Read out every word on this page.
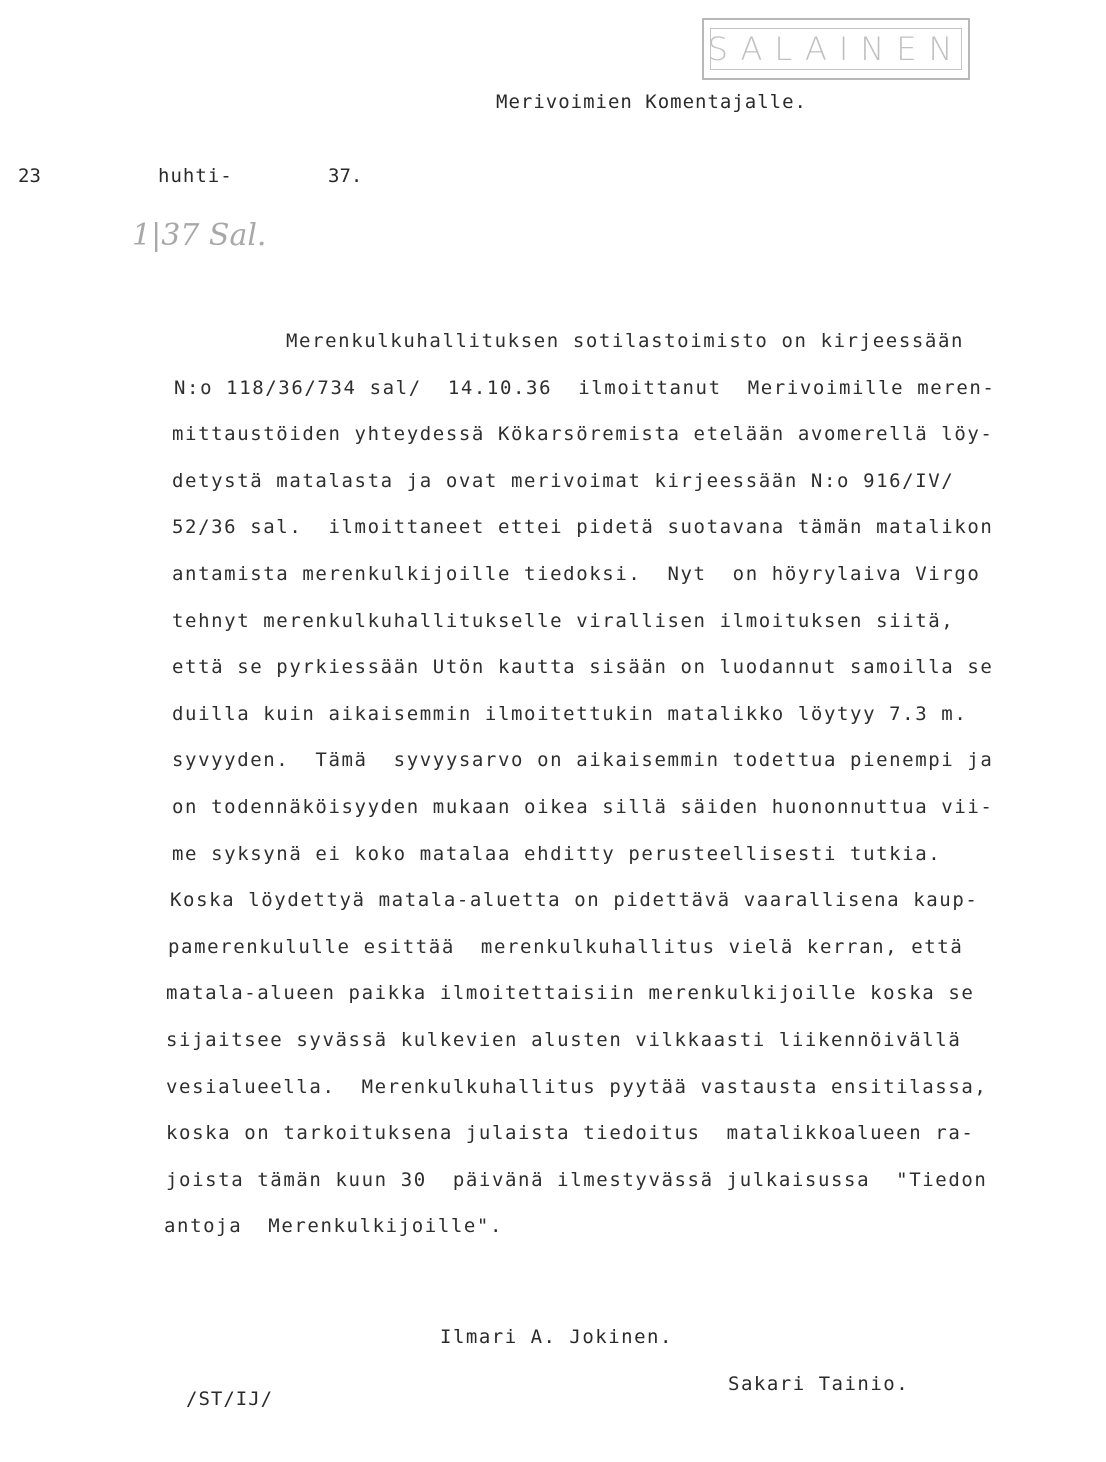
SALAINEN
Merivoimien Komentajalle.
23	huhti-	37.
1|37 Sal.
Merenkulkuhallituksen sotilastoimisto on kirjeessään
N:o 118/36/734 sal/  14.10.36  ilmoittanut  Merivoimille meren-
mittaustöiden yhteydessä Kökarsöremista etelään avomerellä löy-
detystä matalasta ja ovat merivoimat kirjeessään N:o 916/IV/
52/36 sal.  ilmoittaneet ettei pidetä suotavana tämän matalikon
antamista merenkulkijoille tiedoksi.  Nyt  on höyrylaiva Virgo
tehnyt merenkulkuhallitukselle virallisen ilmoituksen siitä,
että se pyrkiessään Utön kautta sisään on luodannut samoilla se
duilla kuin aikaisemmin ilmoitettukin matalikko löytyy 7.3 m.
syvyyden.  Tämä  syvyysarvo on aikaisemmin todettua pienempi ja
on todennäköisyyden mukaan oikea sillä säiden huononnuttua vii-
me syksynä ei koko matalaa ehditty perusteellisesti tutkia.
Koska löydettyä matala-aluetta on pidettävä vaarallisena kaup-
pamerenkululle esittää  merenkulkuhallitus vielä kerran, että
matala-alueen paikka ilmoitettaisiin merenkulkijoille koska se
sijaitsee syvässä kulkevien alusten vilkkaasti liikennöivällä
vesialueella.  Merenkulkuhallitus pyytää vastausta ensitilassa,
koska on tarkoituksena julaista tiedoitus  matalikkoalueen ra-
joista tämän kuun 30  päivänä ilmestyvässä julkaisussa  "Tiedon
antoja  Merenkulkijoille".
Ilmari A. Jokinen.
Sakari Tainio.
/ST/IJ/
